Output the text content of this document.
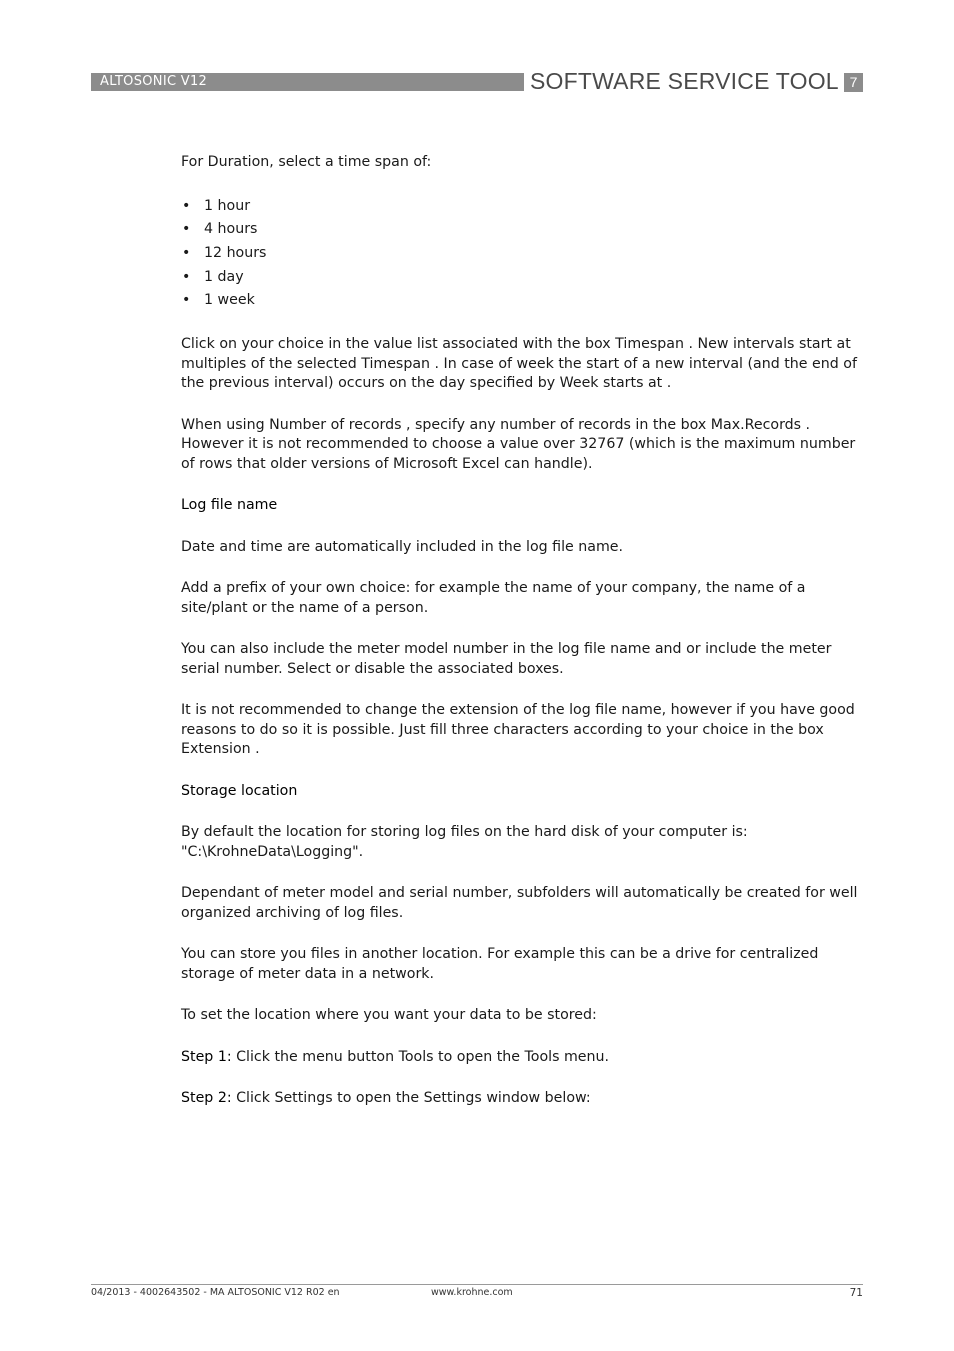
ALTOSONIC V12	SOFTWARE SERVICE TOOL 7

For Duration, select a time span of:

• 1 hour
• 4 hours
• 12 hours
• 1 day
• 1 week

Click on your choice in the value list associated with the box Timespan . New intervals start at multiples of the selected Timespan . In case of week the start of a new interval (and the end of the previous interval) occurs on the day specified by Week starts at .

When using Number of records , specify any number of records in the box Max.Records . However it is not recommended to choose a value over 32767 (which is the maximum number of rows that older versions of Microsoft Excel can handle).

Log file name

Date and time are automatically included in the log file name.

Add a prefix of your own choice: for example the name of your company, the name of a site/plant or the name of a person.

You can also include the meter model number in the log file name and or include the meter serial number. Select or disable the associated boxes.

It is not recommended to change the extension of the log file name, however if you have good reasons to do so it is possible. Just fill three characters according to your choice in the box Extension .

Storage location

By default the location for storing log files on the hard disk of your computer is: "C:\KrohneData\Logging".

Dependant of meter model and serial number, subfolders will automatically be created for well organized archiving of log files.

You can store you files in another location. For example this can be a drive for centralized storage of meter data in a network.

To set the location where you want your data to be stored:

Step 1: Click the menu button Tools to open the Tools menu.

Step 2: Click Settings to open the Settings window below:

04/2013 - 4002643502 - MA ALTOSONIC V12 R02 en	www.krohne.com	71
